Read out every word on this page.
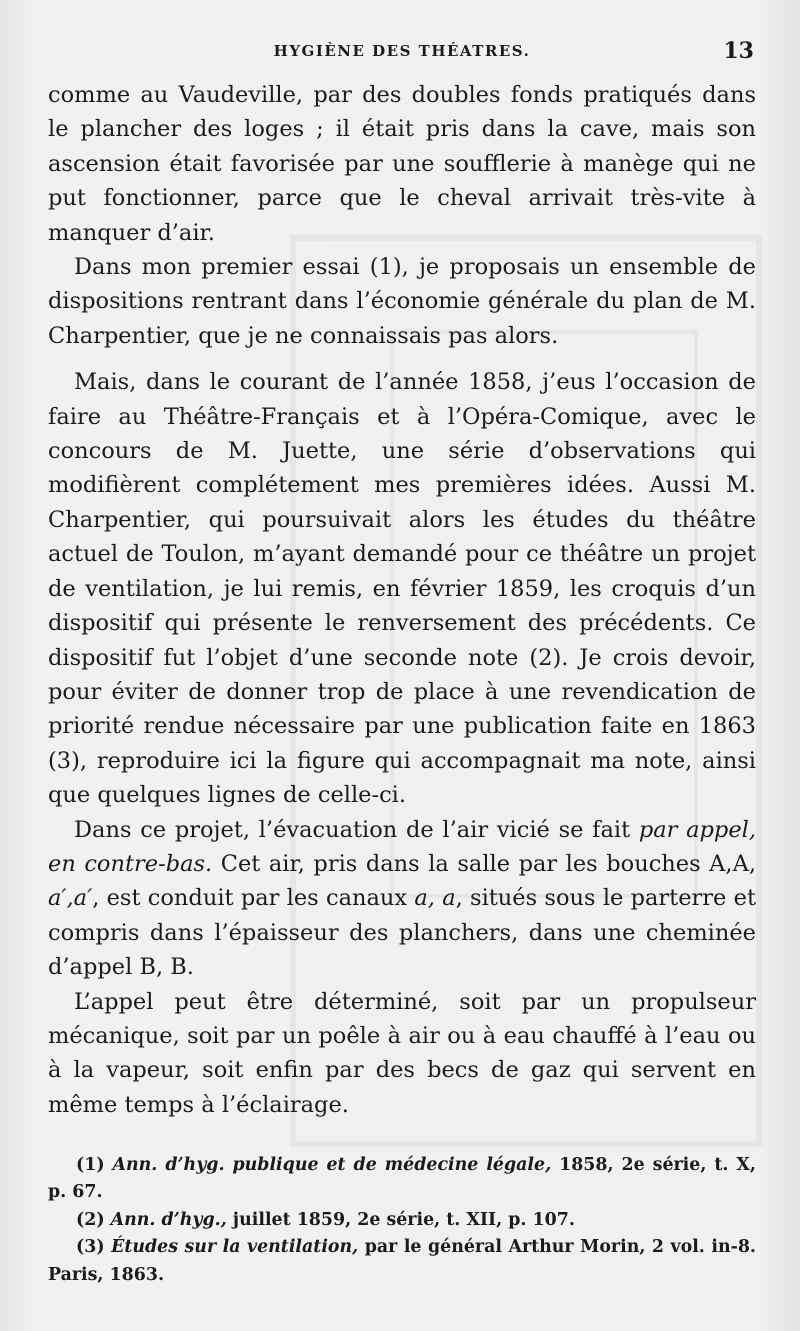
HYGIÈNE DES THÉATRES.	13

comme au Vaudeville, par des doubles fonds pratiqués dans le plancher des loges ; il était pris dans la cave, mais son ascension était favorisée par une soufflerie à manège qui ne put fonctionner, parce que le cheval arrivait très-vite à manquer d’air.

Dans mon premier essai (1), je proposais un ensemble de dispositions rentrant dans l’économie générale du plan de M. Charpentier, que je ne connaissais pas alors.

Mais, dans le courant de l’année 1858, j’eus l’occasion de faire au Théâtre-Français et à l’Opéra-Comique, avec le concours de M. Juette, une série d’observations qui modifièrent complétement mes premières idées. Aussi M. Charpentier, qui poursuivait alors les études du théâtre actuel de Toulon, m’ayant demandé pour ce théâtre un projet de ventilation, je lui remis, en février 1859, les croquis d’un dispositif qui présente le renversement des précédents. Ce dispositif fut l’objet d’une seconde note (2). Je crois devoir, pour éviter de donner trop de place à une revendication de priorité rendue nécessaire par une publication faite en 1863 (3), reproduire ici la figure qui accompagnait ma note, ainsi que quelques lignes de celle-ci.

Dans ce projet, l’évacuation de l’air vicié se fait par appel, en contre-bas. Cet air, pris dans la salle par les bouches A,A, a′,a′, est conduit par les canaux a, a, situés sous le parterre et compris dans l’épaisseur des planchers, dans une cheminée d’appel B, B.

L’appel peut être déterminé, soit par un propulseur mécanique, soit par un poêle à air ou à eau chauffé à l’eau ou à la vapeur, soit enfin par des becs de gaz qui servent en même temps à l’éclairage.

(1) Ann. d’hyg. publique et de médecine légale, 1858, 2e série, t. X, p. 67.

(2) Ann. d’hyg., juillet 1859, 2e série, t. XII, p. 107.

(3) Études sur la ventilation, par le général Arthur Morin, 2 vol. in-8. Paris, 1863.
